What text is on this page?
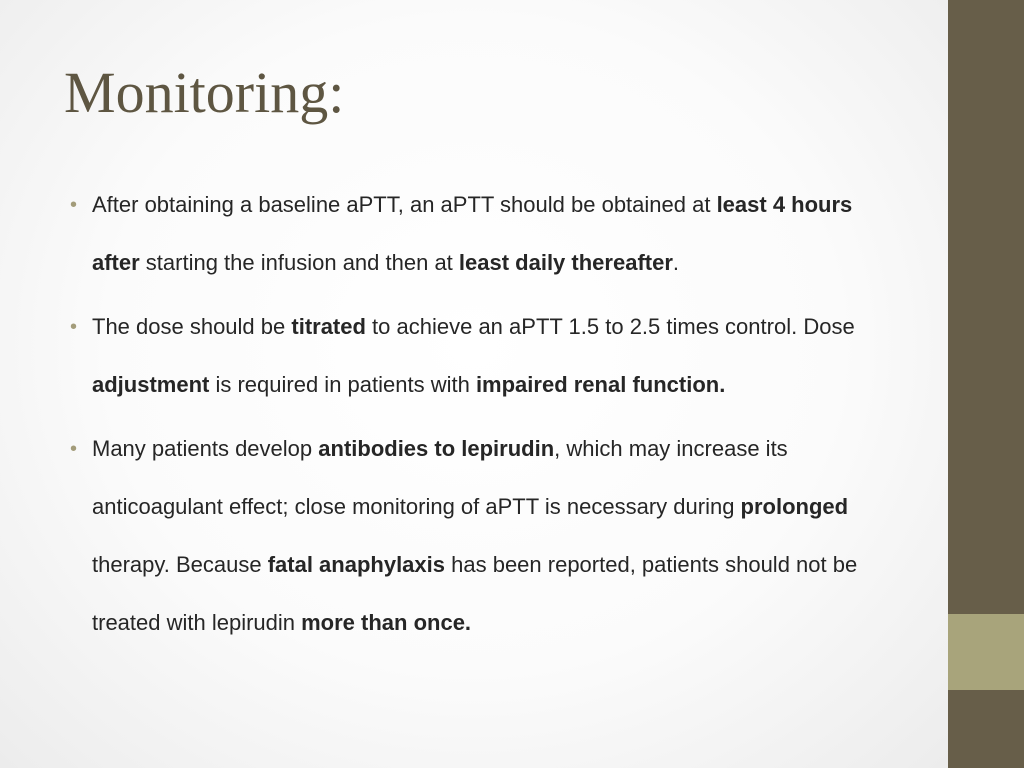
Monitoring:
• After obtaining a baseline aPTT, an aPTT should be obtained at least 4 hours after starting the infusion and then at least daily thereafter.
• The dose should be titrated to achieve an aPTT 1.5 to 2.5 times control. Dose adjustment is required in patients with impaired renal function.
• Many patients develop antibodies to lepirudin, which may increase its anticoagulant effect; close monitoring of aPTT is necessary during prolonged therapy. Because fatal anaphylaxis has been reported, patients should not be treated with lepirudin more than once.
